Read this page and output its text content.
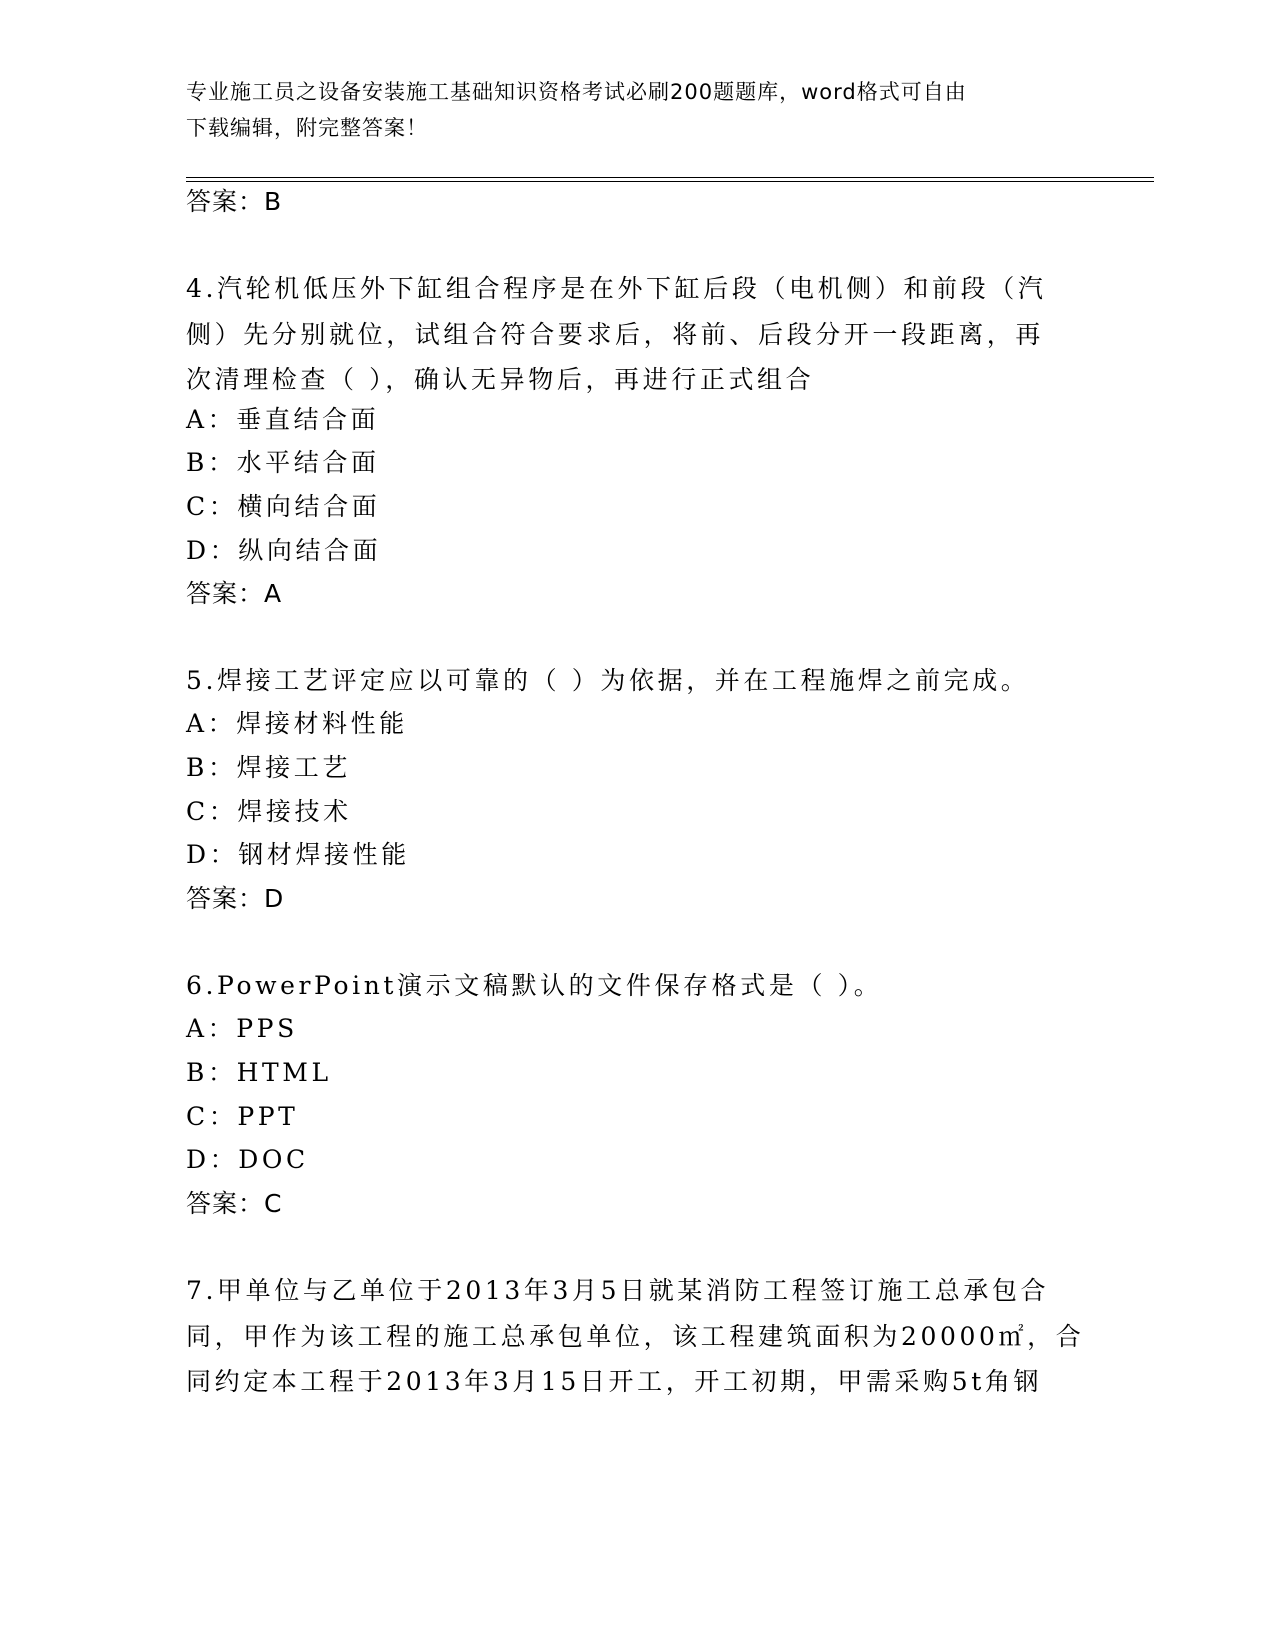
专业施工员之设备安装施工基础知识资格考试必刷200题题库，word格式可自由
下载编辑，附完整答案！
答案：B
4.汽轮机低压外下缸组合程序是在外下缸后段（电机侧）和前段（汽
侧）先分别就位，试组合符合要求后，将前、后段分开一段距离，再
次清理检查（ ），确认无异物后，再进行正式组合
A：垂直结合面
B：水平结合面
C：横向结合面
D：纵向结合面
答案：A
5.焊接工艺评定应以可靠的（ ）为依据，并在工程施焊之前完成。
A：焊接材料性能
B：焊接工艺
C：焊接技术
D：钢材焊接性能
答案：D
6.PowerPoint演示文稿默认的文件保存格式是（ ）。
A：PPS
B：HTML
C：PPT
D：DOC
答案：C
7.甲单位与乙单位于2013年3月5日就某消防工程签订施工总承包合
同，甲作为该工程的施工总承包单位，该工程建筑面积为20000㎡，合
同约定本工程于2013年3月15日开工，开工初期，甲需采购5t角钢
